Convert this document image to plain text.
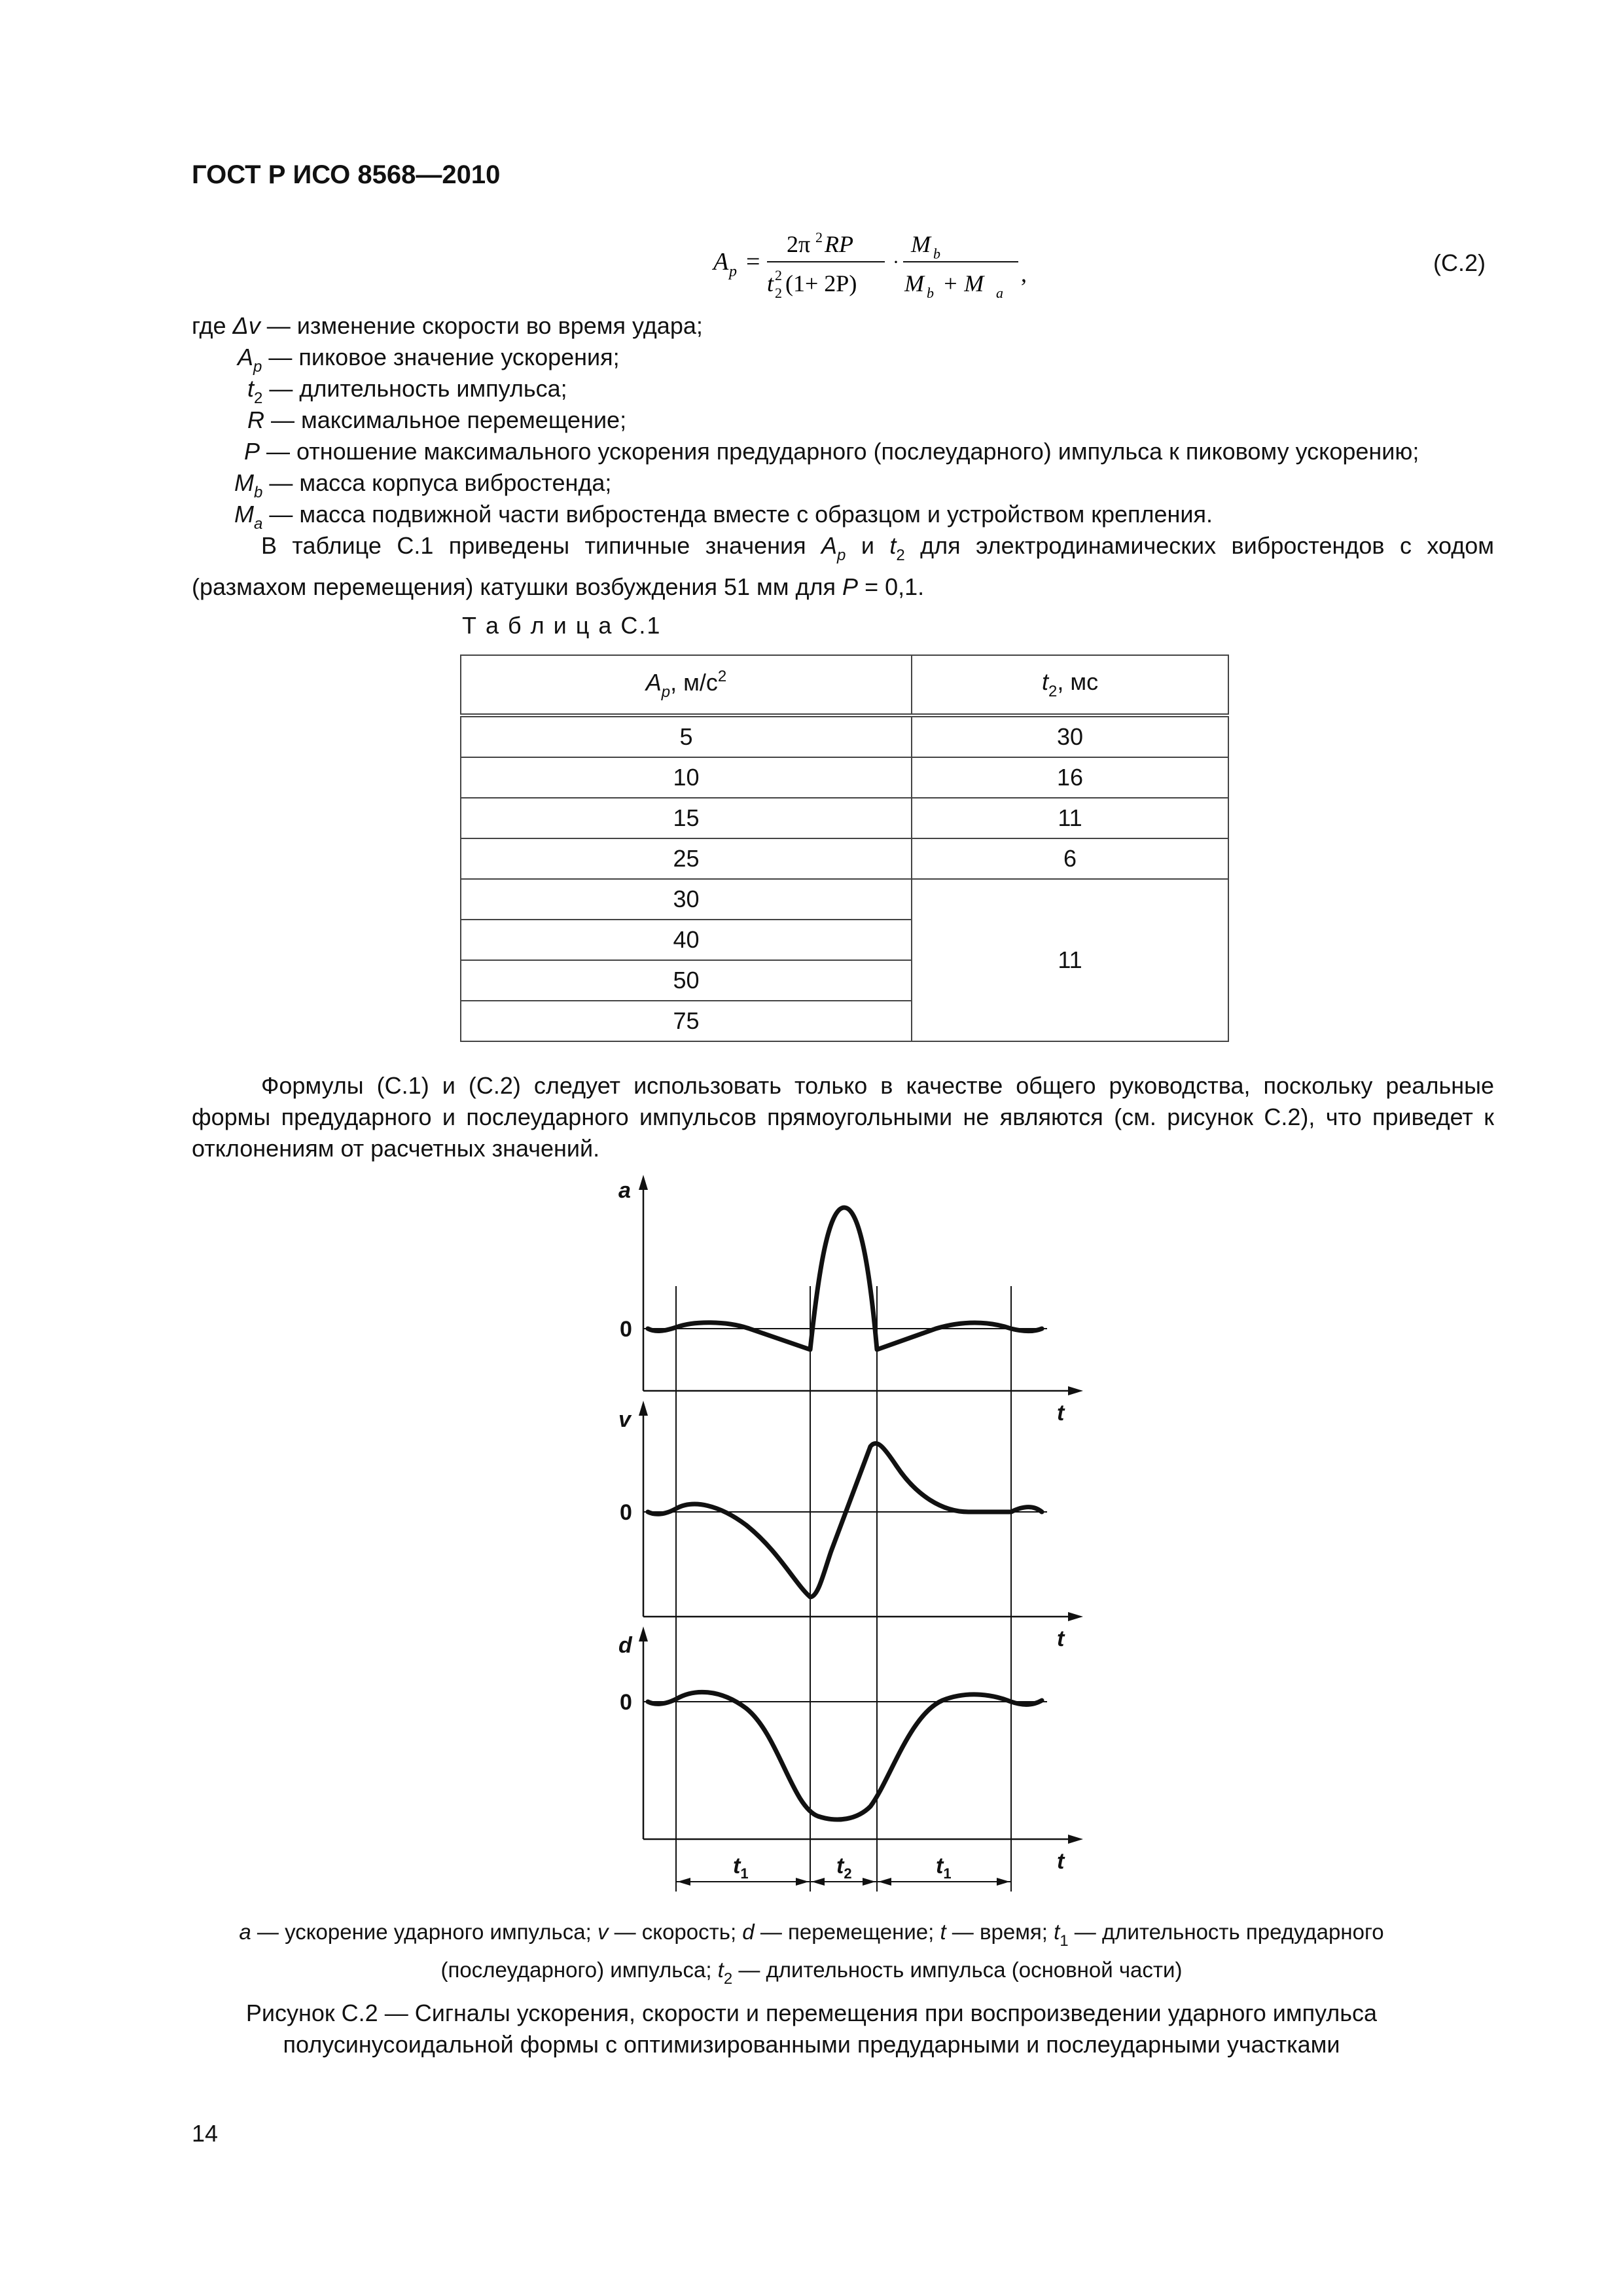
ГОСТ Р ИСО 8568—2010
A p =
2π 2 RP
t 2
2 (1+ 2P)
·
M b
M b + M a
,	(С.2)
где Δv — изменение скорости во время удара;
$A_p$ — пиковое значение ускорения;
$t_2$ — длительность импульса;
R — максимальное перемещение;
P — отношение максимального ускорения предударного (послеударного) импульса к пиковому ускорению;
$M_b$ — масса корпуса вибростенда;
$M_a$ — масса подвижной части вибростенда вместе с образцом и устройством крепления.
В таблице С.1 приведены типичные значения $A_p$ и $t_2$ для электродинамических вибростендов с ходом (размахом перемещения) катушки возбуждения 51 мм для P = 0,1.
Т а б л и ц а С.1
$A_p$, $м/с^2$	$t_2$, мс
5	30
10	16
15	11
25	6
30	11
40	
50	
75	
Формулы (С.1) и (С.2) следует использовать только в качестве общего руководства, поскольку реальные формы предударного и послеударного импульсов прямоугольными не являются (см. рисунок С.2), что приведет к отклонениям от расчетных значений.
a
v
d
t
t
t
0
0
0
$t_1$	$t_2$	$t_1$
a — ускорение ударного импульса; v — скорость; d — перемещение; t — время; $t_1$ — длительность предударного
(послеударного) импульса; $t_2$ — длительность импульса (основной части)
Рисунок С.2 — Сигналы ускорения, скорости и перемещения при воспроизведении ударного импульса
полусинусоидальной формы с оптимизированными предударными и послеударными участками
14
